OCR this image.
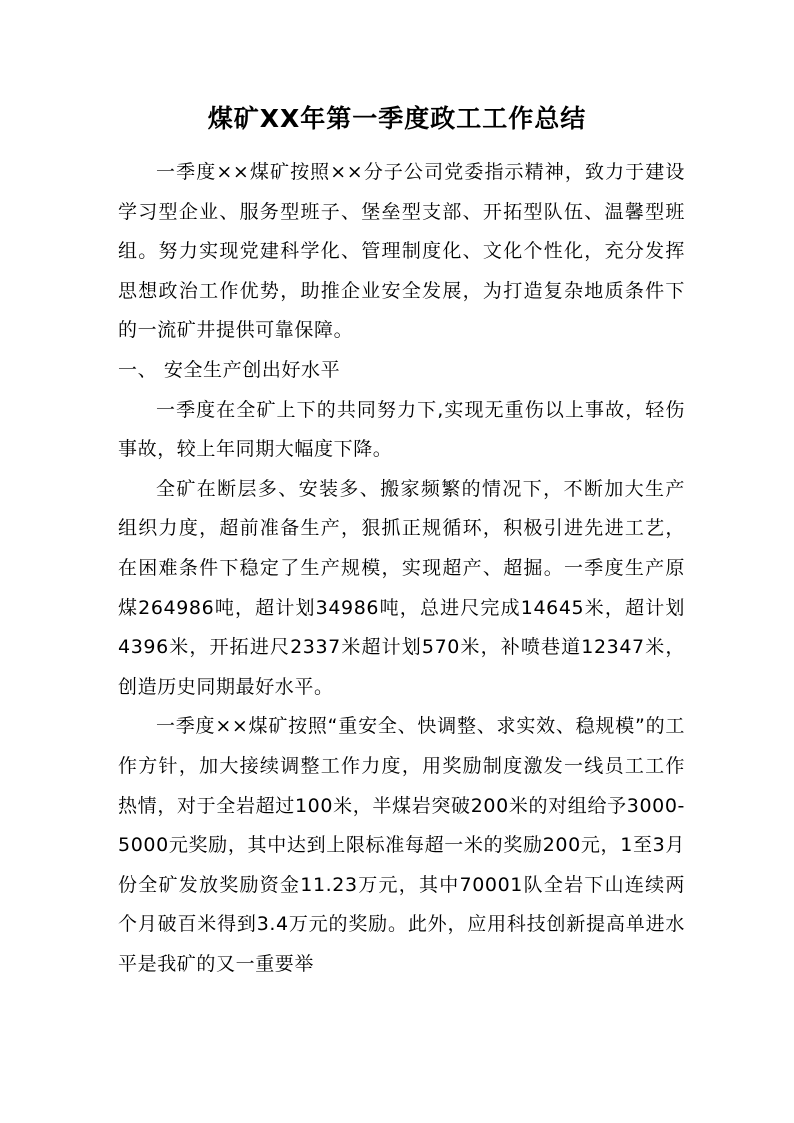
煤矿XX年第一季度政工工作总结

一季度××煤矿按照××分子公司党委指示精神，致力于建设学习型企业、服务型班子、堡垒型支部、开拓型队伍、温馨型班组。努力实现党建科学化、管理制度化、文化个性化，充分发挥思想政治工作优势，助推企业安全发展，为打造复杂地质条件下的一流矿井提供可靠保障。

一、 安全生产创出好水平

一季度在全矿上下的共同努力下,实现无重伤以上事故，轻伤事故，较上年同期大幅度下降。

全矿在断层多、安装多、搬家频繁的情况下，不断加大生产组织力度，超前准备生产，狠抓正规循环，积极引进先进工艺，在困难条件下稳定了生产规模，实现超产、超掘。一季度生产原煤264986吨，超计划34986吨，总进尺完成14645米，超计划4396米，开拓进尺2337米超计划570米，补喷巷道12347米，创造历史同期最好水平。

一季度××煤矿按照“重安全、快调整、求实效、稳规模”的工作方针，加大接续调整工作力度，用奖励制度激发一线员工工作热情，对于全岩超过100米，半煤岩突破200米的对组给予3000-5000元奖励，其中达到上限标准每超一米的奖励200元，1至3月份全矿发放奖励资金11.23万元，其中70001队全岩下山连续两个月破百米得到3.4万元的奖励。此外，应用科技创新提高单进水平是我矿的又一重要举
